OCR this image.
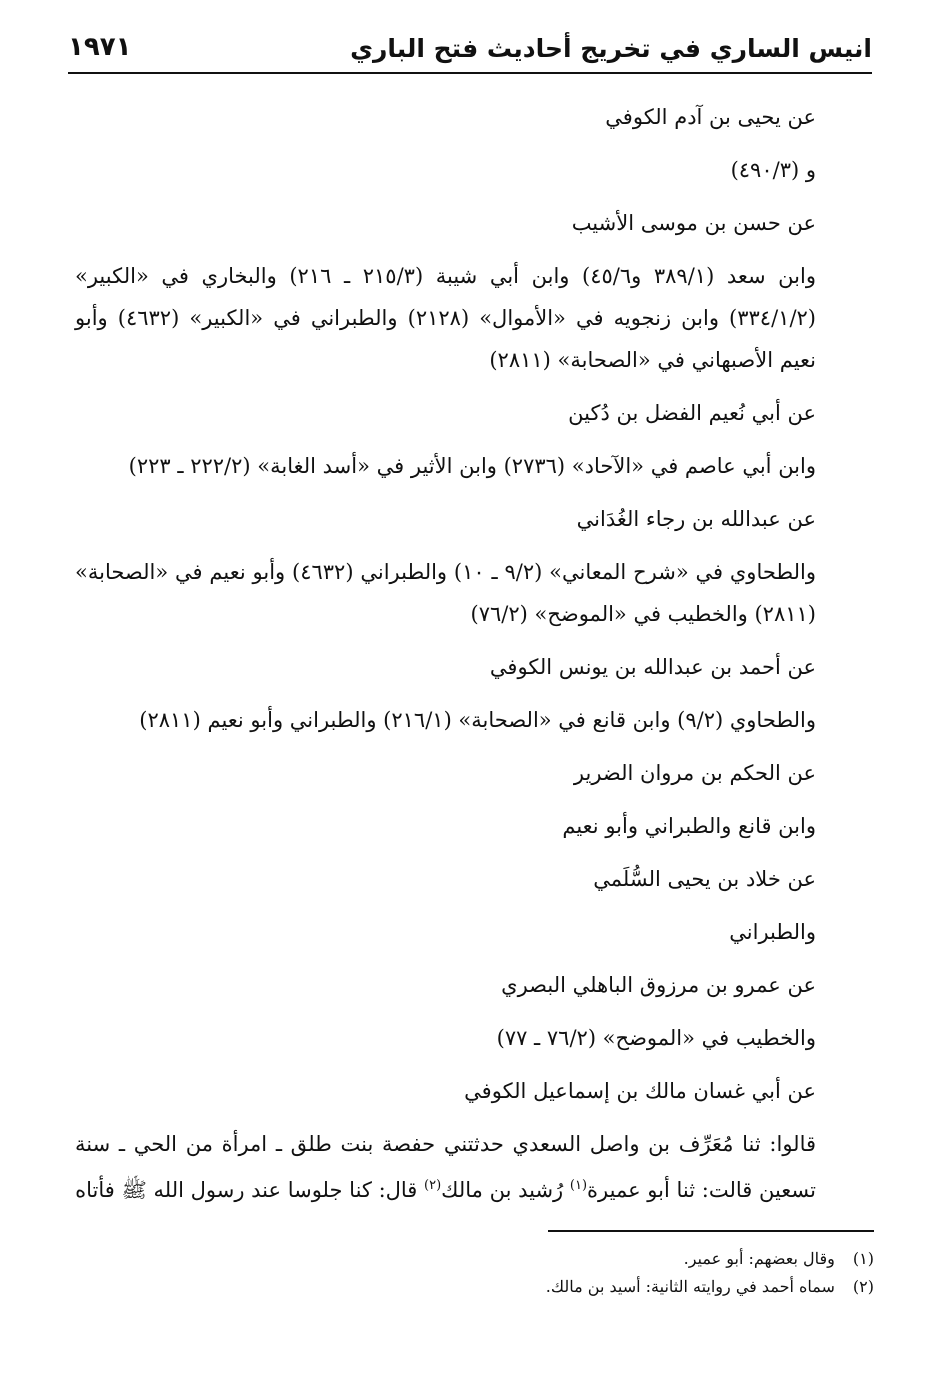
انيس الساري في تخريج أحاديث فتح الباري
١٩٧١

عن يحيى بن آدم الكوفي

و (٤٩٠/٣)

عن حسن بن موسى الأشيب

وابن سعد (٣٨٩/١ و٤٥/٦) وابن أبي شيبة (٢١٥/٣ ـ ٢١٦) والبخاري في «الكبير» (٣٣٤/١/٢) وابن زنجويه في «الأموال» (٢١٢٨) والطبراني في «الكبير» (٤٦٣٢) وأبو نعيم الأصبهاني في «الصحابة» (٢٨١١)

عن أبي نُعيم الفضل بن دُكين

وابن أبي عاصم في «الآحاد» (٢٧٣٦) وابن الأثير في «أسد الغابة» (٢٢٢/٢ ـ ٢٢٣)

عن عبدالله بن رجاء الغُدَاني

والطحاوي في «شرح المعاني» (٩/٢ ـ ١٠) والطبراني (٤٦٣٢) وأبو نعيم في «الصحابة» (٢٨١١) والخطيب في «الموضح» (٧٦/٢)

عن أحمد بن عبدالله بن يونس الكوفي

والطحاوي (٩/٢) وابن قانع في «الصحابة» (٢١٦/١) والطبراني وأبو نعيم (٢٨١١)

عن الحكم بن مروان الضرير

وابن قانع والطبراني وأبو نعيم

عن خلاد بن يحيى السُّلَمي

والطبراني

عن عمرو بن مرزوق الباهلي البصري

والخطيب في «الموضح» (٧٦/٢ ـ ٧٧)

عن أبي غسان مالك بن إسماعيل الكوفي

قالوا: ثنا مُعَرِّف بن واصل السعدي حدثتني حفصة بنت طلق ـ امرأة من الحي ـ سنة تسعين قالت: ثنا أبو عميرة$^{(١)}$ رُشيد بن مالك$^{(٢)}$ قال: كنا جلوسا عند رسول الله ﷺ فأتاه

(١)
وقال بعضهم: أبو عمير.
(٢)
سماه أحمد في روايته الثانية: أسيد بن مالك.
